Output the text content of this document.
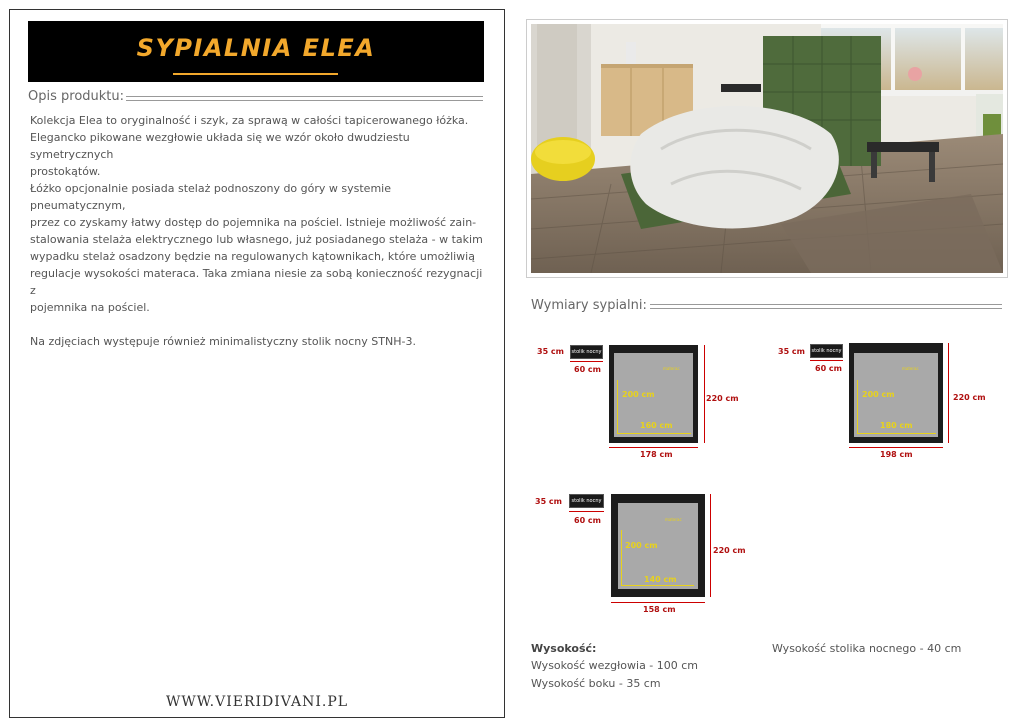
SYPIALNIA ELEA
Opis produktu:

Kolekcja Elea to oryginalność i szyk, za sprawą w całości tapicerowanego łóżka.

Elegancko pikowane wezgłowie układa się we wzór około dwudziestu symetrycznych

prostokątów.

Łóżko opcjonalnie posiada stelaż podnoszony do góry w systemie pneumatycznym,

przez co zyskamy łatwy dostęp do pojemnika na pościel. Istnieje możliwość zain-

stalowania stelaża elektrycznego lub własnego, już posiadanego stelaża - w takim

wypadku stelaż osadzony będzie na regulowanych kątownikach, które umożliwią

regulacje wysokości materaca. Taka zmiana niesie za sobą konieczność rezygnacji z

pojemnika na pościel.

Na zdjęciach występuje również minimalistyczny stolik nocny STNH-3.

WWW.VIERIDIVANI.PL
Wymiary sypialni:
35 cm	stolik nocny
60 cm	materac
200 cm
160 cm
220 cm
178 cm
35 cm	stolik nocny
60 cm	materac
200 cm
180 cm
220 cm
198 cm
35 cm	stolik nocny
60 cm	materac
200 cm
140 cm
220 cm
158 cm
Wysokość:
Wysokość wezgłowia - 100 cm
Wysokość boku - 35 cm
Wysokość stolika nocnego - 40 cm
